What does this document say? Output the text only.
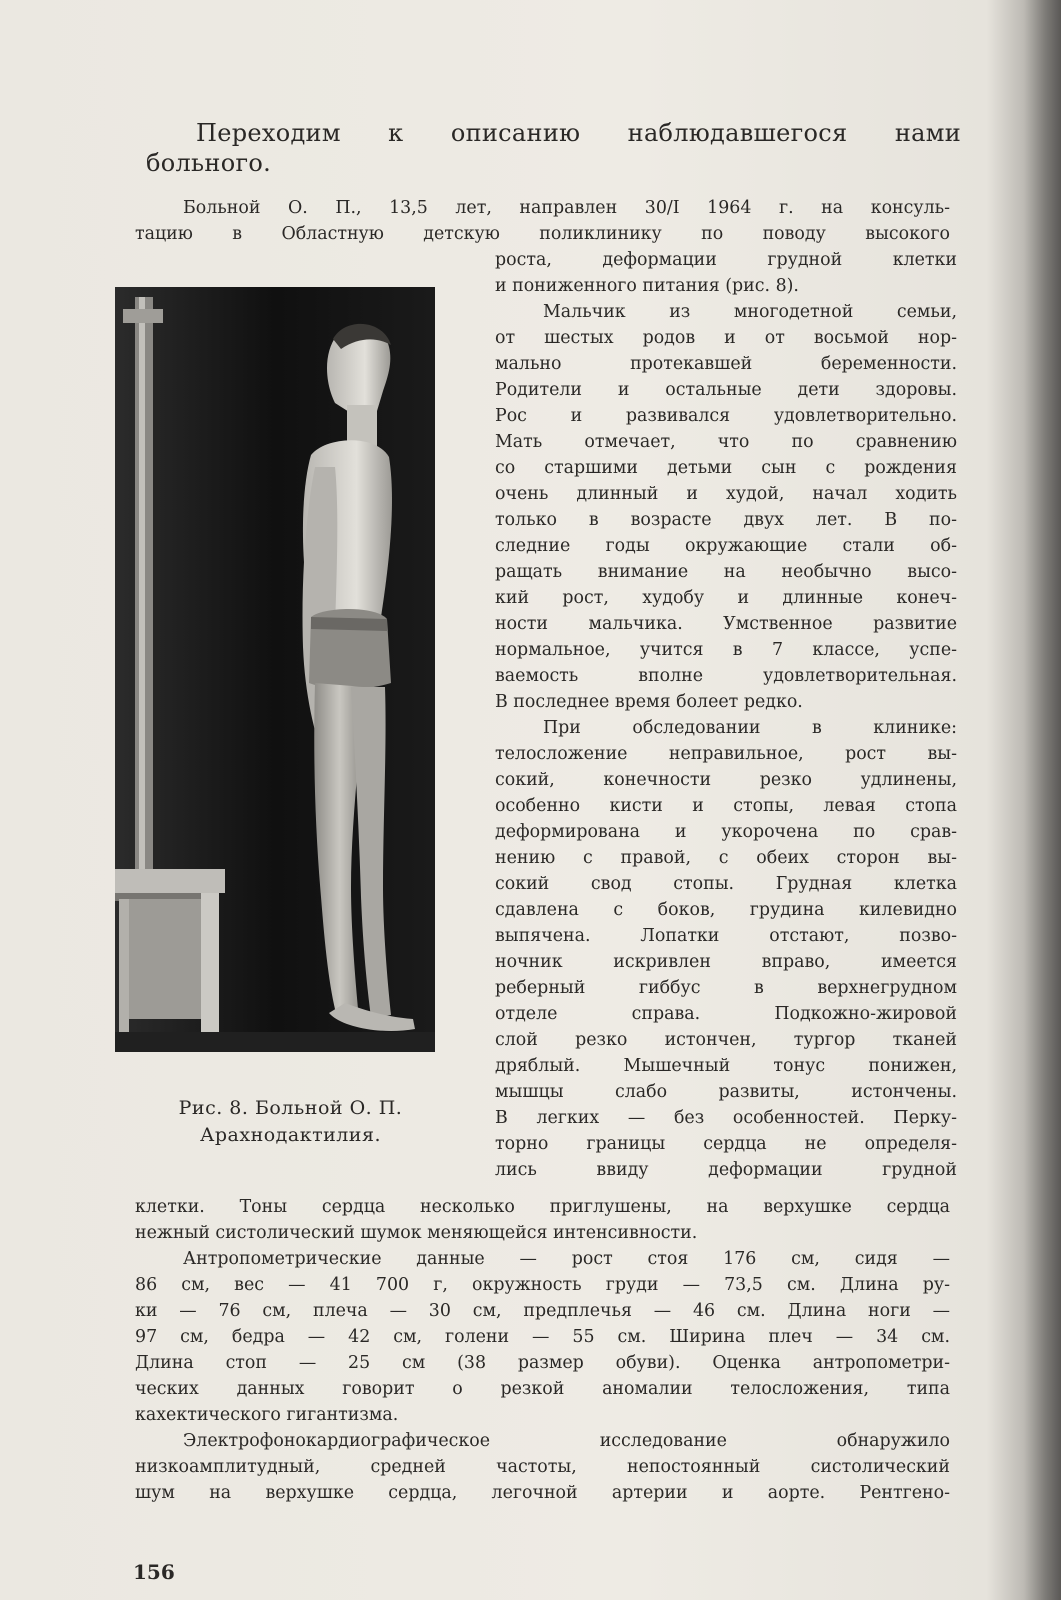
Переходим к описанию наблюдавшегося нами
больного.

Больной О. П., 13,5 лет, направлен 30/I 1964 г. на консуль-
тацию в Областную детскую поликлинику по поводу высокого
Рис. 8. Больной О. П.
Арахнодактилия.
роста, деформации грудной клетки
и пониженного питания (рис. 8).
Мальчик из многодетной семьи,
от шестых родов и от восьмой нор-
мально протекавшей беременности.
Родители и остальные дети здоровы.
Рос и развивался удовлетворительно.
Мать отмечает, что по сравнению
со старшими детьми сын с рождения
очень длинный и худой, начал ходить
только в возрасте двух лет. В по-
следние годы окружающие стали об-
ращать внимание на необычно высо-
кий рост, худобу и длинные конеч-
ности мальчика. Умственное развитие
нормальное, учится в 7 классе, успе-
ваемость вполне удовлетворительная.
В последнее время болеет редко.
При обследовании в клинике:
телосложение неправильное, рост вы-
сокий, конечности резко удлинены,
особенно кисти и стопы, левая стопа
деформирована и укорочена по срав-
нению с правой, с обеих сторон вы-
сокий свод стопы. Грудная клетка
сдавлена с боков, грудина килевидно
выпячена. Лопатки отстают, позво-
ночник искривлен вправо, имеется
реберный гиббус в верхнегрудном
отделе справа. Подкожно-жировой
слой резко истончен, тургор тканей
дряблый. Мышечный тонус понижен,
мышцы слабо развиты, истончены.
В легких — без особенностей. Перку-
торно границы сердца не определя-
лись ввиду деформации грудной
клетки. Тоны сердца несколько приглушены, на верхушке сердца
нежный систолический шумок меняющейся интенсивности.
Антропометрические данные — рост стоя 176 см, сидя —
86 см, вес — 41 700 г, окружность груди — 73,5 см. Длина ру-
ки — 76 см, плеча — 30 см, предплечья — 46 см. Длина ноги —
97 см, бедра — 42 см, голени — 55 см. Ширина плеч — 34 см.
Длина стоп — 25 см (38 размер обуви). Оценка антропометри-
ческих данных говорит о резкой аномалии телосложения, типа
кахектического гигантизма.
Электрофонокардиографическое исследование обнаружило
низкоамплитудный, средней частоты, непостоянный систолический
шум на верхушке сердца, легочной артерии и аорте. Рентгено-
156
